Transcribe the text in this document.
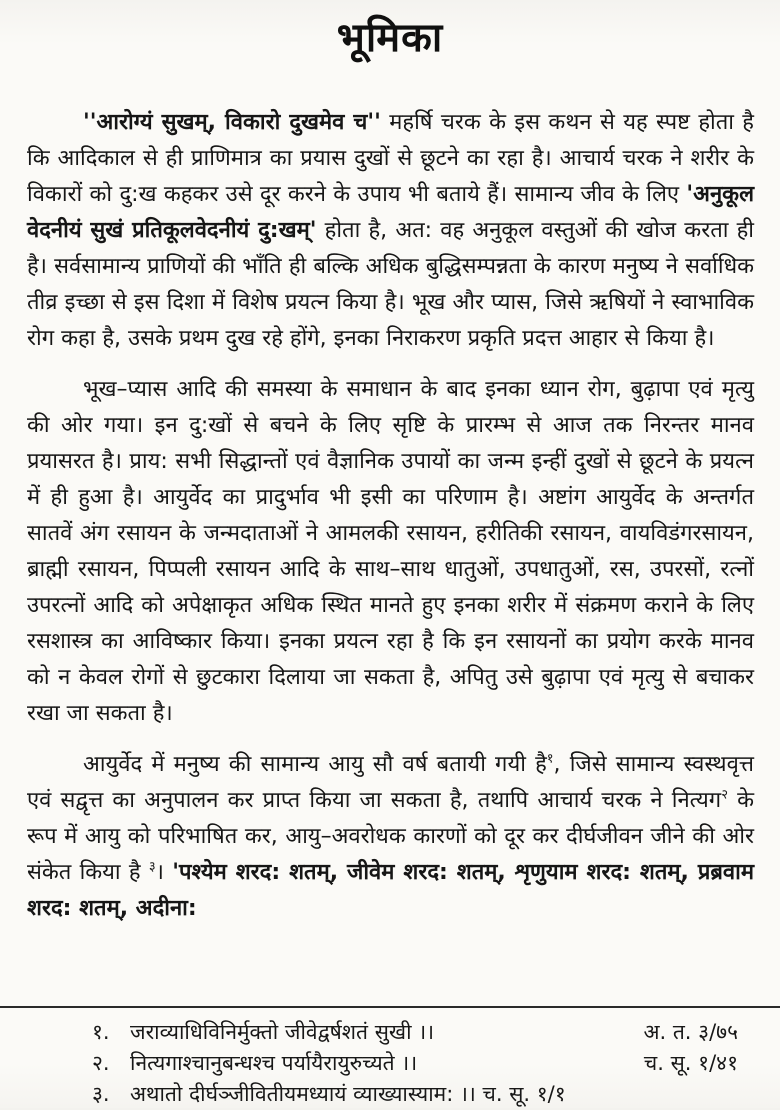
भूमिका

''आरोग्यं सुखम्, विकारो दुखमेव च'' महर्षि चरक के इस कथन से यह स्पष्ट होता है कि आदिकाल से ही प्राणिमात्र का प्रयास दुखों से छूटने का रहा है। आचार्य चरक ने शरीर के विकारों को दु:ख कहकर उसे दूर करने के उपाय भी बताये हैं। सामान्य जीव के लिए 'अनुकूल वेदनीयं सुखं प्रतिकूलवेदनीयं दु:खम्' होता है, अत: वह अनुकूल वस्तुओं की खोज करता ही है। सर्वसामान्य प्राणियों की भाँति ही बल्कि अधिक बुद्धिसम्पन्नता के कारण मनुष्य ने सर्वाधिक तीव्र इच्छा से इस दिशा में विशेष प्रयत्न किया है। भूख और प्यास, जिसे ऋषियों ने स्वाभाविक रोग कहा है, उसके प्रथम दुख रहे होंगे, इनका निराकरण प्रकृति प्रदत्त आहार से किया है।

भूख–प्यास आदि की समस्या के समाधान के बाद इनका ध्यान रोग, बुढ़ापा एवं मृत्यु की ओर गया। इन दु:खों से बचने के लिए सृष्टि के प्रारम्भ से आज तक निरन्तर मानव प्रयासरत है। प्राय: सभी सिद्धान्तों एवं वैज्ञानिक उपायों का जन्म इन्हीं दुखों से छूटने के प्रयत्न में ही हुआ है। आयुर्वेद का प्रादुर्भाव भी इसी का परिणाम है। अष्टांग आयुर्वेद के अन्तर्गत सातवें अंग रसायन के जन्मदाताओं ने आमलकी रसायन, हरीतिकी रसायन, वायविडंगरसायन, ब्राह्मी रसायन, पिप्पली रसायन आदि के साथ–साथ धातुओं, उपधातुओं, रस, उपरसों, रत्नों उपरत्नों आदि को अपेक्षाकृत अधिक स्थित मानते हुए इनका शरीर में संक्रमण कराने के लिए रसशास्त्र का आविष्कार किया। इनका प्रयत्न रहा है कि इन रसायनों का प्रयोग करके मानव को न केवल रोगों से छुटकारा दिलाया जा सकता है, अपितु उसे बुढ़ापा एवं मृत्यु से बचाकर रखा जा सकता है।

आयुर्वेद में मनुष्य की सामान्य आयु सौ वर्ष बतायी गयी है$^१$, जिसे सामान्य स्वस्थवृत्त एवं सद्वृत्त का अनुपालन कर प्राप्त किया जा सकता है, तथापि आचार्य चरक ने नित्यग$^२$ के रूप में आयु को परिभाषित कर, आयु–अवरोधक कारणों को दूर कर दीर्घजीवन जीने की ओर संकेत किया है $^३$। 'पश्येम शरद: शतम्, जीवेम शरद: शतम्, शृणुयाम शरद: शतम्, प्रब्रवाम शरद: शतम्, अदीना:

१. जराव्याधिविनिर्मुक्तो जीवेद्वर्षशतं सुखी ।।	अ. त. ३/७५
२. नित्यगाश्चानुबन्धश्च पर्यायैरायुरुच्यते ।।	च. सू. १/४१
३. अथातो दीर्घञ्जीवितीयमध्यायं व्याख्यास्याम: ।। च. सू. १/१
